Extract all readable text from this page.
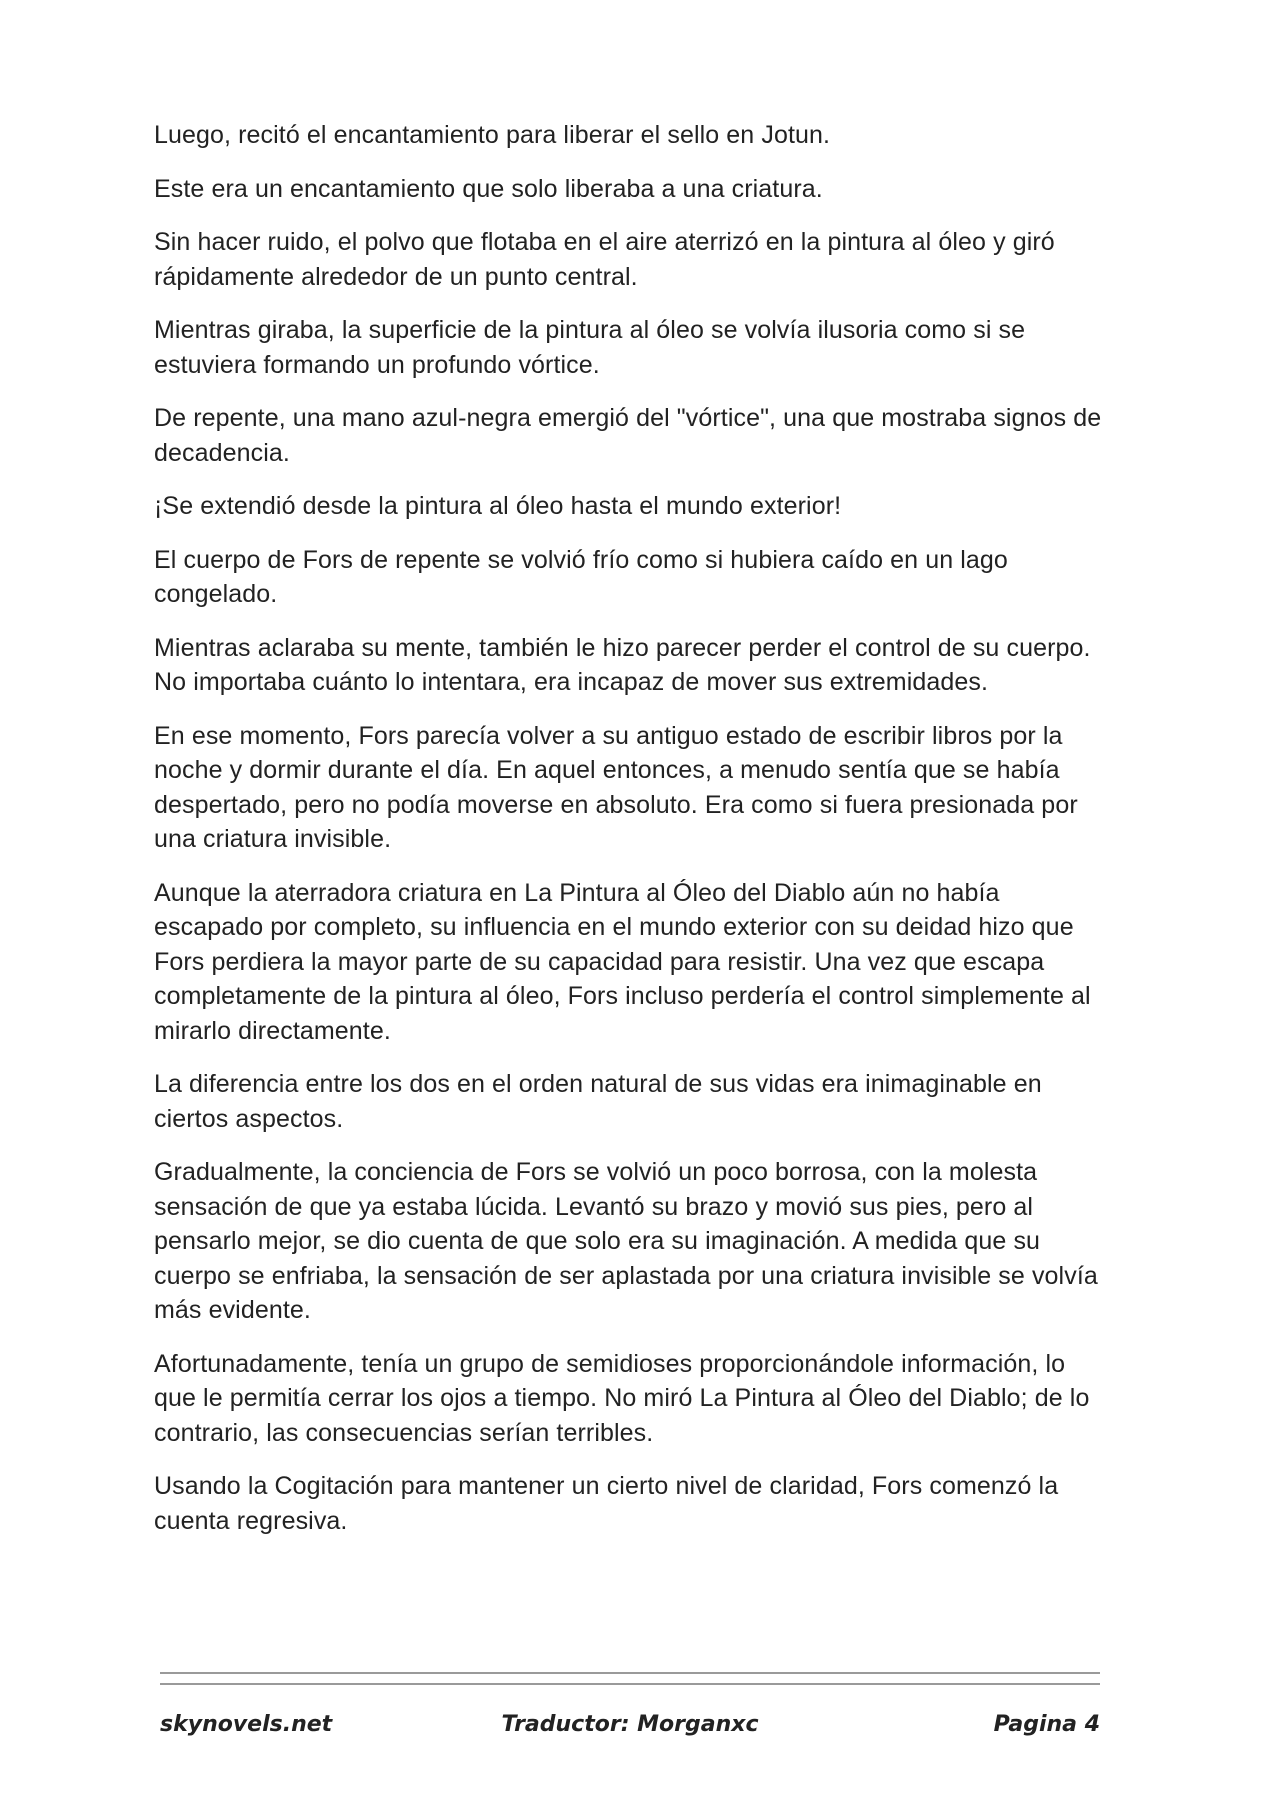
Luego, recitó el encantamiento para liberar el sello en Jotun.

Este era un encantamiento que solo liberaba a una criatura.

Sin hacer ruido, el polvo que flotaba en el aire aterrizó en la pintura al óleo y giró rápidamente alrededor de un punto central.

Mientras giraba, la superficie de la pintura al óleo se volvía ilusoria como si se estuviera formando un profundo vórtice.

De repente, una mano azul-negra emergió del "vórtice", una que mostraba signos de decadencia.

¡Se extendió desde la pintura al óleo hasta el mundo exterior!

El cuerpo de Fors de repente se volvió frío como si hubiera caído en un lago congelado.

Mientras aclaraba su mente, también le hizo parecer perder el control de su cuerpo. No importaba cuánto lo intentara, era incapaz de mover sus extremidades.

En ese momento, Fors parecía volver a su antiguo estado de escribir libros por la noche y dormir durante el día. En aquel entonces, a menudo sentía que se había despertado, pero no podía moverse en absoluto. Era como si fuera presionada por una criatura invisible.

Aunque la aterradora criatura en La Pintura al Óleo del Diablo aún no había escapado por completo, su influencia en el mundo exterior con su deidad hizo que Fors perdiera la mayor parte de su capacidad para resistir. Una vez que escapa completamente de la pintura al óleo, Fors incluso perdería el control simplemente al mirarlo directamente.

La diferencia entre los dos en el orden natural de sus vidas era inimaginable en ciertos aspectos.

Gradualmente, la conciencia de Fors se volvió un poco borrosa, con la molesta sensación de que ya estaba lúcida. Levantó su brazo y movió sus pies, pero al pensarlo mejor, se dio cuenta de que solo era su imaginación. A medida que su cuerpo se enfriaba, la sensación de ser aplastada por una criatura invisible se volvía más evidente.

Afortunadamente, tenía un grupo de semidioses proporcionándole información, lo que le permitía cerrar los ojos a tiempo. No miró La Pintura al Óleo del Diablo; de lo contrario, las consecuencias serían terribles.

Usando la Cogitación para mantener un cierto nivel de claridad, Fors comenzó la cuenta regresiva.

skynovels.net	Traductor: Morganxc	Pagina 4
